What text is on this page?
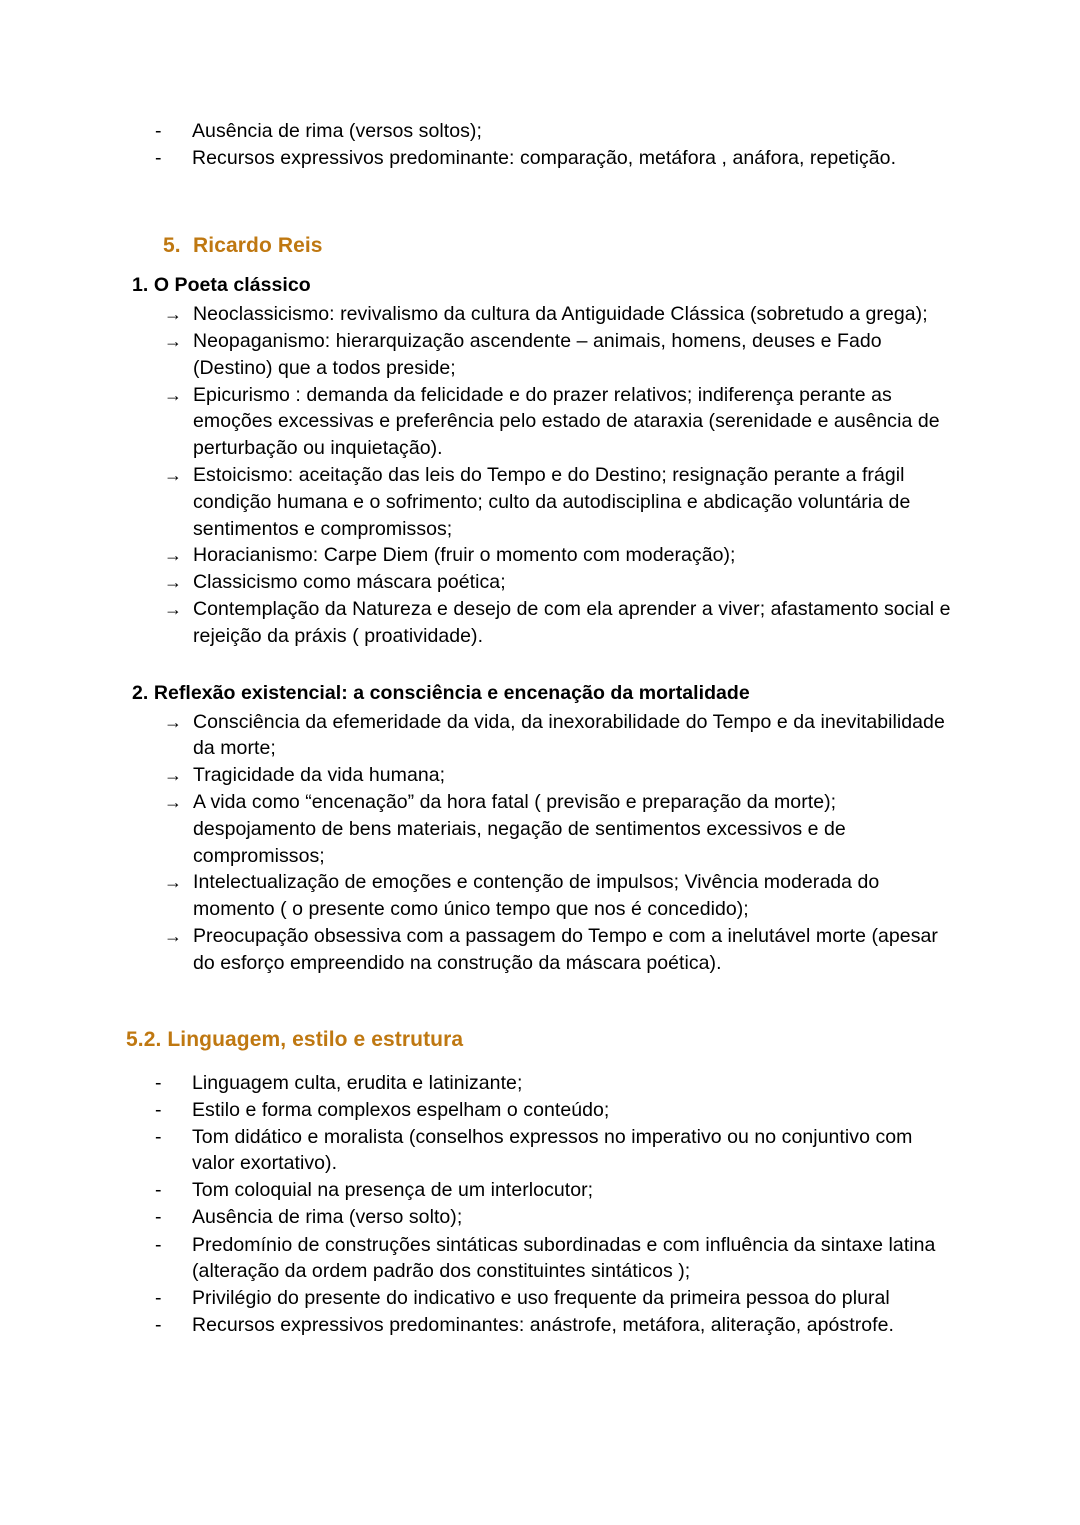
- Ausência de rima (versos soltos);
- Recursos expressivos predominante: comparação, metáfora , anáfora, repetição.
5. Ricardo Reis
1. O Poeta clássico
→ Neoclassicismo: revivalismo da cultura da Antiguidade Clássica (sobretudo a grega);
→ Neopaganismo: hierarquização ascendente – animais, homens, deuses e Fado (Destino) que a todos preside;
→ Epicurismo : demanda da felicidade e do prazer relativos; indiferença perante as emoções excessivas e preferência pelo estado de ataraxia (serenidade e ausência de perturbação ou inquietação).
→ Estoicismo: aceitação das leis do Tempo e do Destino; resignação perante a frágil condição humana e o sofrimento; culto da autodisciplina e abdicação voluntária de sentimentos e compromissos;
→ Horacianismo: Carpe Diem (fruir o momento com moderação);
→ Classicismo como máscara poética;
→ Contemplação da Natureza e desejo de com ela aprender a viver; afastamento social e rejeição da práxis ( proatividade).
2. Reflexão existencial: a consciência e encenação da mortalidade
→ Consciência da efemeridade da vida, da inexorabilidade do Tempo e da inevitabilidade da morte;
→ Tragicidade da vida humana;
→ A vida como “encenação” da hora fatal ( previsão e preparação da morte); despojamento de bens materiais, negação de sentimentos excessivos e de compromissos;
→ Intelectualização de emoções e contenção de impulsos; Vivência moderada do momento ( o presente como único tempo que nos é concedido);
→ Preocupação obsessiva com a passagem do Tempo e com a inelutável morte (apesar do esforço empreendido na construção da máscara poética).
5.2. Linguagem, estilo e estrutura
- Linguagem culta, erudita e latinizante;
- Estilo e forma complexos espelham o conteúdo;
- Tom didático e moralista (conselhos expressos no imperativo ou no conjuntivo com valor exortativo).
- Tom coloquial na presença de um interlocutor;
- Ausência de rima (verso solto);
- Predomínio de construções sintáticas subordinadas e com influência da sintaxe latina (alteração da ordem padrão dos constituintes sintáticos );
- Privilégio do presente do indicativo e uso frequente da primeira pessoa do plural
- Recursos expressivos predominantes: anástrofe, metáfora, aliteração, apóstrofe.
